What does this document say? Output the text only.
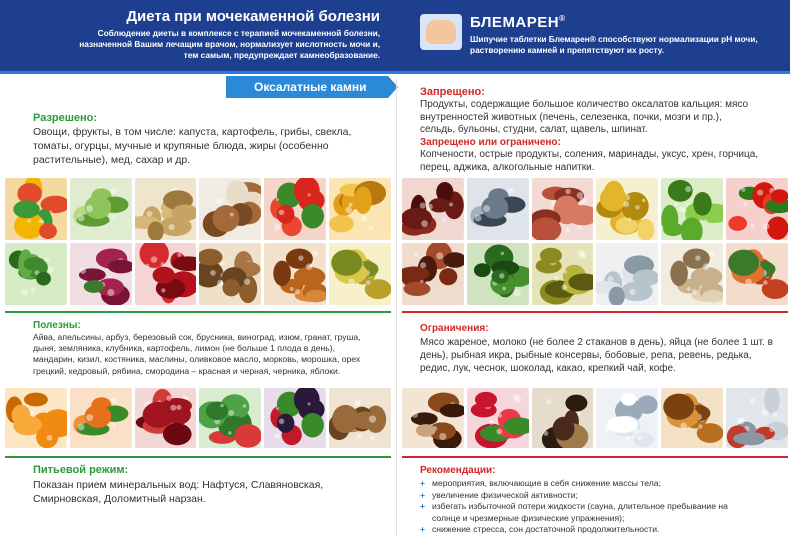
Диета при мочекаменной болезни
Соблюдение диеты в комплексе с терапией мочекаменной болезни,
назначенной Вашим лечащим врачом, нормализует кислотность мочи и,
тем самым, предупреждает камнеобразование.
БЛЕМАРЕН®
Шипучие таблетки Блемарен® способствуют нормализации pH мочи,
растворению камней и препятствуют их росту.
Оксалатные камни
Разрешено:
Овощи, фрукты, в том числе: капуста, картофель, грибы, свекла,
томаты, огурцы, мучные и крупяные блюда, жиры (особенно
растительные), мед, сахар и др.
Полезны:
Айва, апельсины, арбуз, березовый сок, брусника, виноград, изюм, гранат, груша,
дыня, земляника, клубника, картофель, лимон (не больше 1 плода в день),
мандарин, кизил, костяника, маслины, оливковое масло, морковь, морошка, орех
грецкий, кедровый, рябина, смородина – красная и черная, черника, яблоки.
Питьевой режим:
Показан прием минеральных вод: Нафтуся, Славяновская,
Смирновская, Доломитный нарзан.
Запрещено:
Продукты, содержащие большое количество оксалатов кальция: мясо
внутренностей животных (печень, селезенка, почки, мозги и пр.),
сельдь, бульоны, студни, салат, щавель, шпинат.
Запрещено или ограничено:
Копчености, острые продукты, соления, маринады, уксус, хрен, горчица,
перец, аджика, алкогольные напитки.
Ограничения:
Мясо жареное, молоко (не более 2 стаканов в день), яйца (не более 1 шт. в
день), рыбная икра, рыбные консервы, бобовые, репа, ревень, редька,
редис, лук, чеснок, шоколад, какао, крепкий чай, кофе.
Рекомендации:
+ мероприятия, включающие в себя снижение массы тела;
+ увеличение физической активности;
+ избегать избыточной потери жидкости (сауна, длительное пребывание на
солнце и чрезмерные физические упражнения);
+ снижение стресса, сон достаточной продолжительности.
